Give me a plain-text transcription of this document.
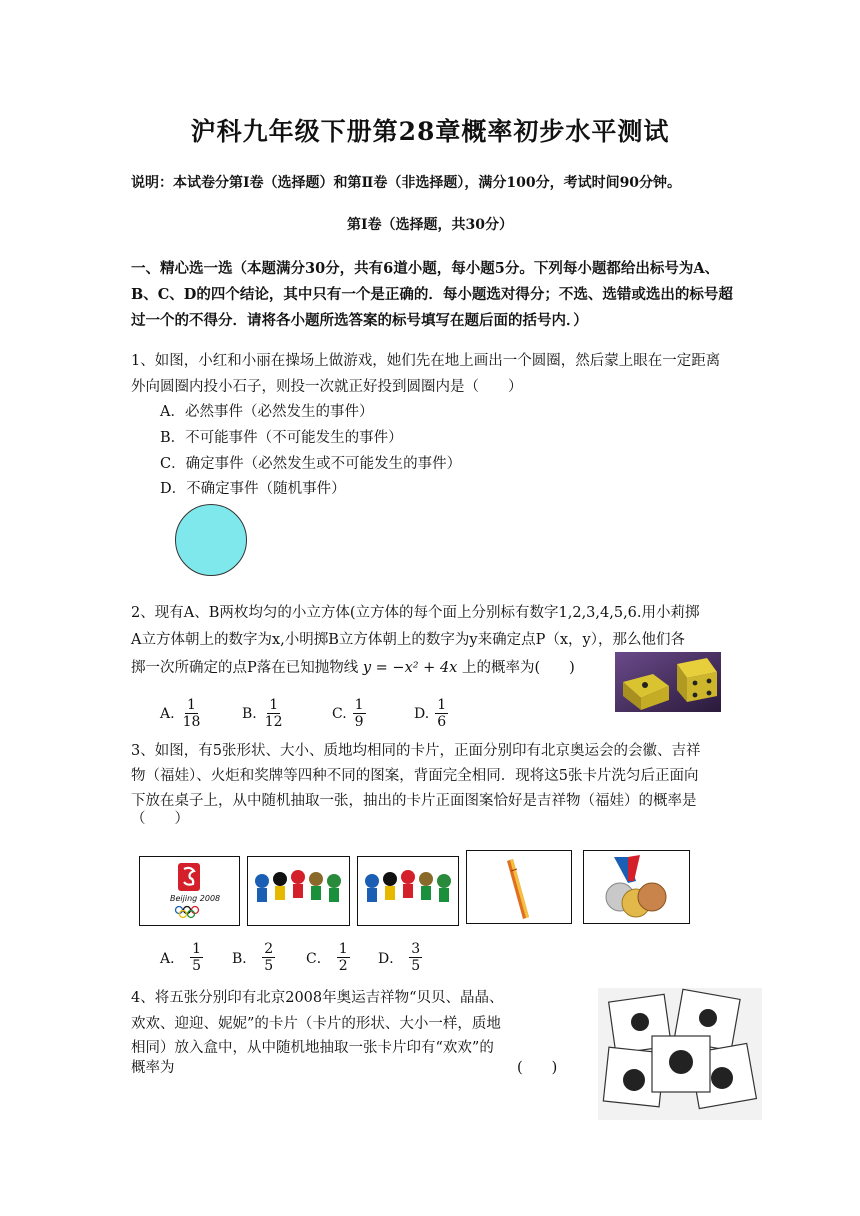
沪科九年级下册第28章概率初步水平测试
说明：本试卷分第Ⅰ卷（选择题）和第Ⅱ卷（非选择题），满分100分，考试时间90分钟。
第Ⅰ卷（选择题，共30分）
一、精心选一选（本题满分30分，共有6道小题，每小题5分。下列每小题都给出标号为A、B、C、D的四个结论，其中只有一个是正确的．每小题选对得分；不选、选错或选出的标号超过一个的不得分．请将各小题所选答案的标号填写在题后面的括号内．）
1、如图，小红和小丽在操场上做游戏，她们先在地上画出一个圆圈，然后蒙上眼在一定距离外向圆圈内投小石子，则投一次就正好投到圆圈内是（　　）
A．必然事件（必然发生的事件）
B．不可能事件（不可能发生的事件）
C．确定事件（必然发生或不可能发生的事件）
D．不确定事件（随机事件）
2、现有A、B两枚均匀的小立方体(立方体的每个面上分别标有数字1,2,3,4,5,6.用小莉掷
A立方体朝上的数字为x,小明掷B立方体朝上的数字为y来确定点P（x，y），那么他们各
掷一次所确定的点P落在已知抛物线 y = −x² + 4x 上的概率为(　　)
A. $\frac{1}{18}$	B. $\frac{1}{12}$	C. $\frac{1}{9}$	D. $\frac{1}{6}$
3、如图，有5张形状、大小、质地均相同的卡片，正面分别印有北京奥运会的会徽、吉祥
物（福娃）、火炬和奖牌等四种不同的图案，背面完全相同．现将这5张卡片洗匀后正面向
下放在桌子上，从中随机抽取一张，抽出的卡片正面图案恰好是吉祥物（福娃）的概率是
（　　）
Beijing 2008
A． $\frac{1}{5}$ B． $\frac{2}{5}$ C． $\frac{1}{2}$ D． $\frac{3}{5}$
4、将五张分别印有北京2008年奥运吉祥物“贝贝、晶晶、
欢欢、迎迎、妮妮”的卡片（卡片的形状、大小一样，质地
相同）放入盒中，从中随机地抽取一张卡片印有“欢欢”的
概率为	(　　)
